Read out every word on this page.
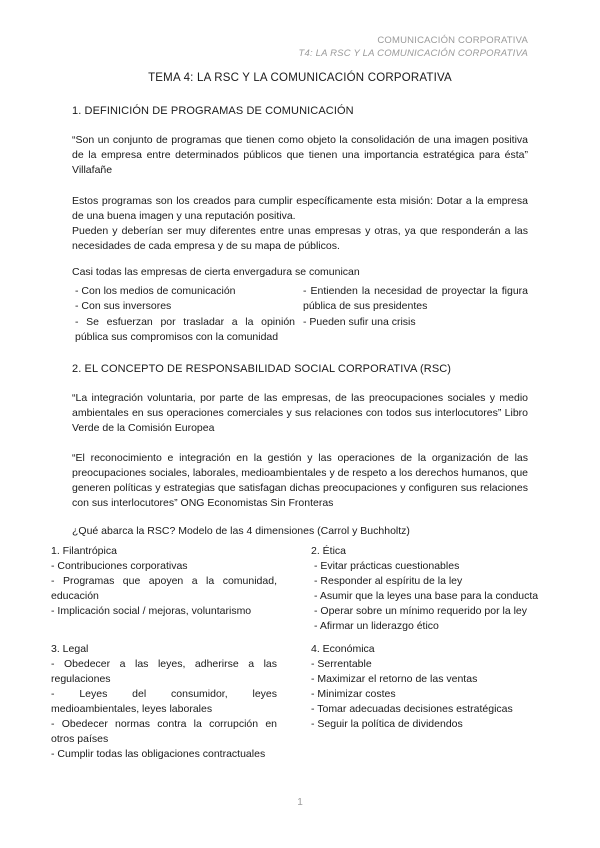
COMUNICACIÓN CORPORATIVA
T4: LA RSC Y LA COMUNICACIÓN CORPORATIVA
TEMA 4: LA RSC Y LA COMUNICACIÓN CORPORATIVA
1. DEFINICIÓN DE PROGRAMAS DE COMUNICACIÓN
“Son un conjunto de programas que tienen como objeto la consolidación de una imagen positiva de la empresa entre determinados públicos que tienen una importancia estratégica para ésta” Villafañe
Estos programas son los creados para cumplir específicamente esta misión: Dotar a la empresa de una buena imagen y una reputación positiva.
Pueden y deberían ser muy diferentes entre unas empresas y otras, ya que responderán a las necesidades de cada empresa y de su mapa de públicos.
Casi todas las empresas de cierta envergadura se comunican
- Con los medios de comunicación
- Con sus inversores
- Se esfuerzan por trasladar a la opinión pública sus compromisos con la comunidad
- Entienden la necesidad de proyectar la figura pública de sus presidentes
- Pueden sufir una crisis
2. EL CONCEPTO DE RESPONSABILIDAD SOCIAL CORPORATIVA (RSC)
“La integración voluntaria, por parte de las empresas, de las preocupaciones sociales y medio ambientales en sus operaciones comerciales y sus relaciones con todos sus interlocutores” Libro Verde de la Comisión Europea
“El reconocimiento e integración en la gestión y las operaciones de la organización de las preocupaciones sociales, laborales, medioambientales y de respeto a los derechos humanos, que generen políticas y estrategias que satisfagan dichas preocupaciones y configuren sus relaciones con sus interlocutores” ONG Economistas Sin Fronteras
¿Qué abarca la RSC? Modelo de las 4 dimensiones (Carrol y Buchholtz)
1. Filantrópica
- Contribuciones corporativas
- Programas que apoyen a la comunidad, educación
- Implicación social / mejoras, voluntarismo
2. Ética
- Evitar prácticas cuestionables
- Responder al espíritu de la ley
- Asumir que la leyes una base para la conducta
- Operar sobre un mínimo requerido por la ley
- Afirmar un liderazgo ético
3. Legal
- Obedecer a las leyes, adherirse a las regulaciones
- Leyes del consumidor, leyes medioambientales, leyes laborales
- Obedecer normas contra la corrupción en otros países
- Cumplir todas las obligaciones contractuales
4. Económica
- Serrentable
- Maximizar el retorno de las ventas
- Minimizar costes
- Tomar adecuadas decisiones estratégicas
- Seguir la política de dividendos
1
